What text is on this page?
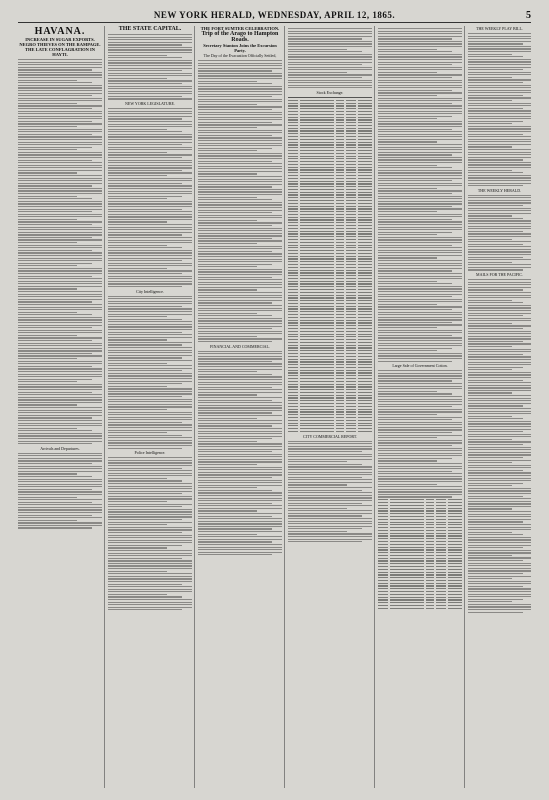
NEW YORK HERALD, WEDNESDAY, APRIL 12, 1865.	5
HAVANA.
INCREASE IN SUGAR EXPORTS.
NEGRO THIEVES ON THE RAMPAGE.
THE LATE CONFLAGRATION IN HAYTI.
Arrivals and Departures.
THE STATE CAPITAL.
NEW YORK LEGISLATURE.
City Intelligence.
Police Intelligence.
THE FORT SUMTER CELEBRATION.
Trip of the Arago to Hampton Roads.
Secretary Stanton Joins the Excursion Party.
The Day of the Evacuation Officially Settled,
FINANCIAL AND COMMERCIAL.
Stock Exchange.
CITY COMMERCIAL REPORT.
Large Sale of Government Cotton.
THE WEEKLY PLAY BILL.
THE WEEKLY HERALD.
MAILS FOR THE PACIFIC.
